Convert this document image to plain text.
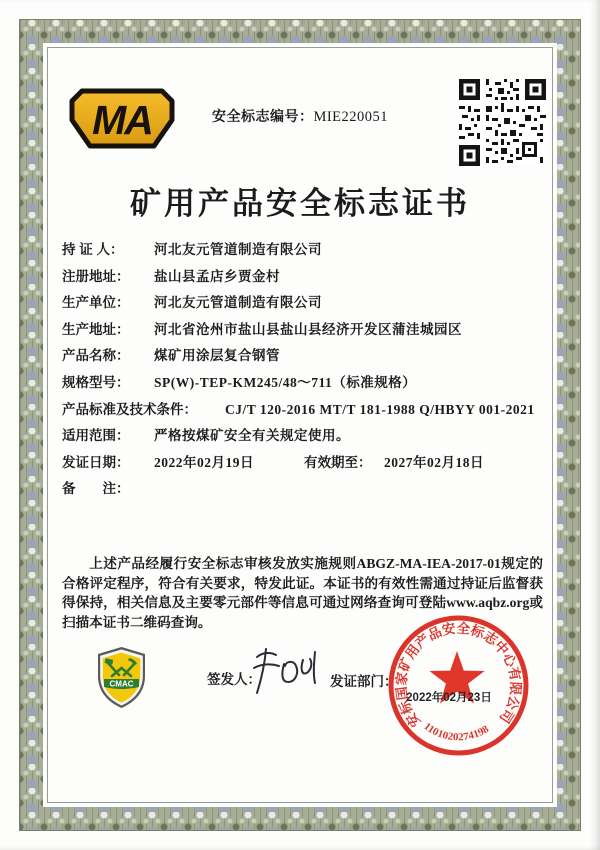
MA	安全标志编号：MIE220051
矿用产品安全标志证书
持 证 人：	河北友元管道制造有限公司
注册地址：	盐山县孟店乡贾金村
生产单位：	河北友元管道制造有限公司
生产地址：	河北省沧州市盐山县盐山县经济开发区蒲洼城园区
产品名称：	煤矿用涂层复合钢管
规格型号：	SP(W)-TEP-KM245/48～711（标准规格）
产品标准及技术条件： CJ/T 120-2016 MT/T 181-1988 Q/HBYY 001-2021
适用范围：	严格按煤矿安全有关规定使用。
发证日期：	2022年02月19日	有效期至： 2027年02月18日
备　　注：
上述产品经履行安全标志审核发放实施规则ABGZ-MA-IEA-2017-01规定的合格评定程序，符合有关要求，特发此证。本证书的有效性需通过持证后监督获得保持，相关信息及主要零元部件等信息可通过网络查询可登陆www.aqbz.org或扫描本证书二维码查询。
CMAC	签发人：	发证部门：
安标国家矿用产品安全标志中心有限公司
2022年02月23日
1101020274198
